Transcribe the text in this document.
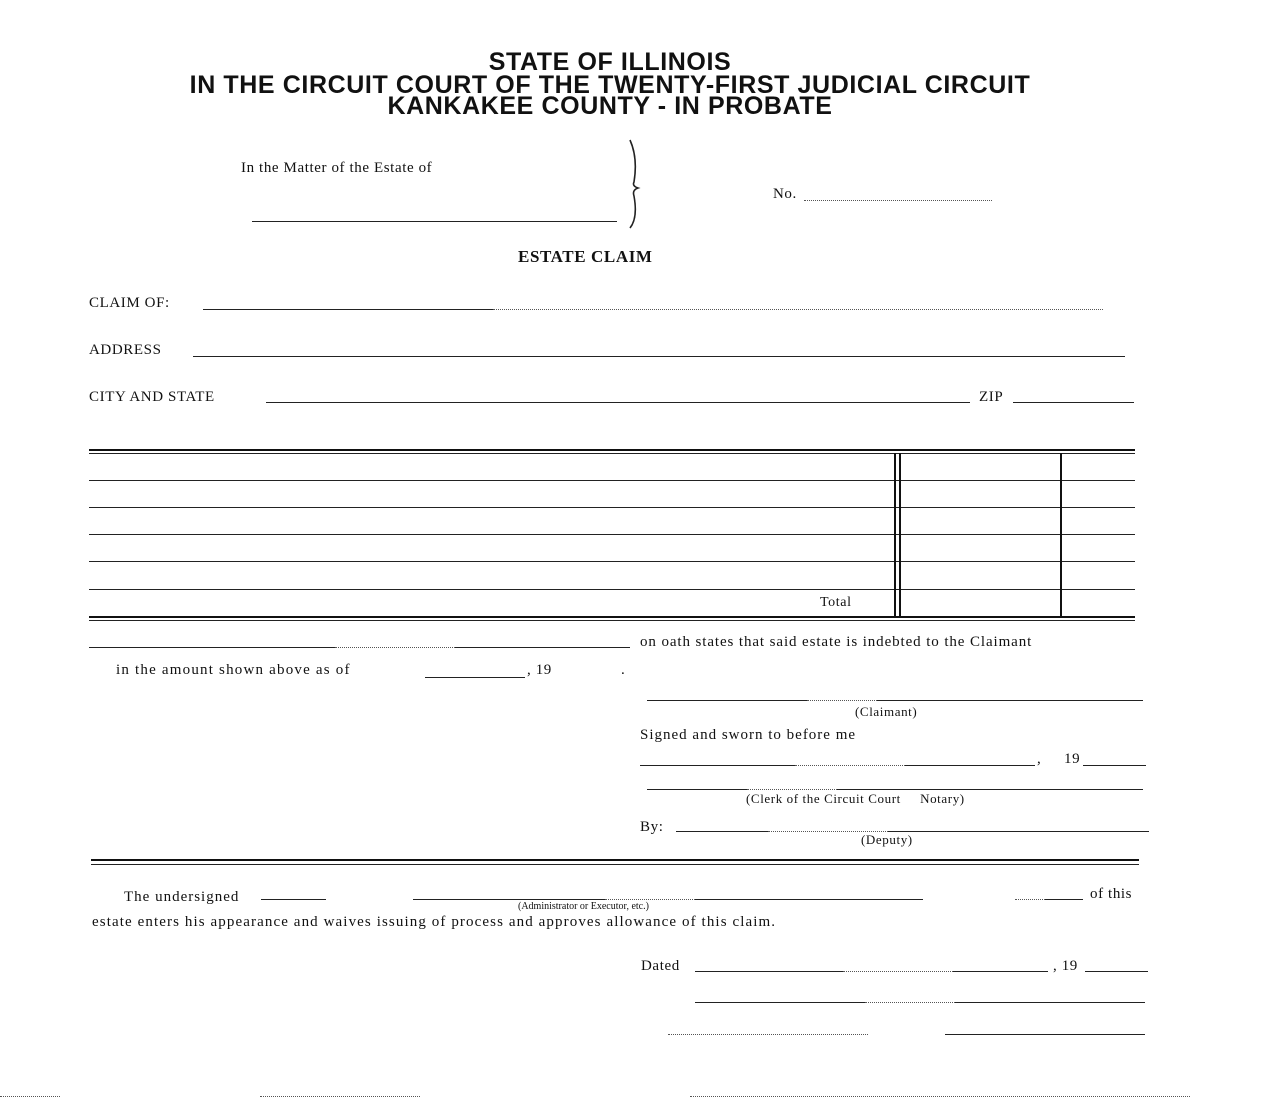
STATE OF ILLINOIS
IN THE CIRCUIT COURT OF THE TWENTY-FIRST JUDICIAL CIRCUIT
KANKAKEE COUNTY - IN PROBATE
In the Matter of the Estate of
No.
ESTATE CLAIM
CLAIM OF:
ADDRESS
CITY AND STATE	ZIP
Total
on oath states that said estate is indebted to the Claimant
in the amount shown above as of	, 19	.
(Claimant)
Signed and sworn to before me
, 19
(Clerk of the Circuit Court     Notary)
By:
(Deputy)
The undersigned
(Administrator or Executor, etc.)
of this
estate enters his appearance and waives issuing of process and approves allowance of this claim.
Dated	, 19
